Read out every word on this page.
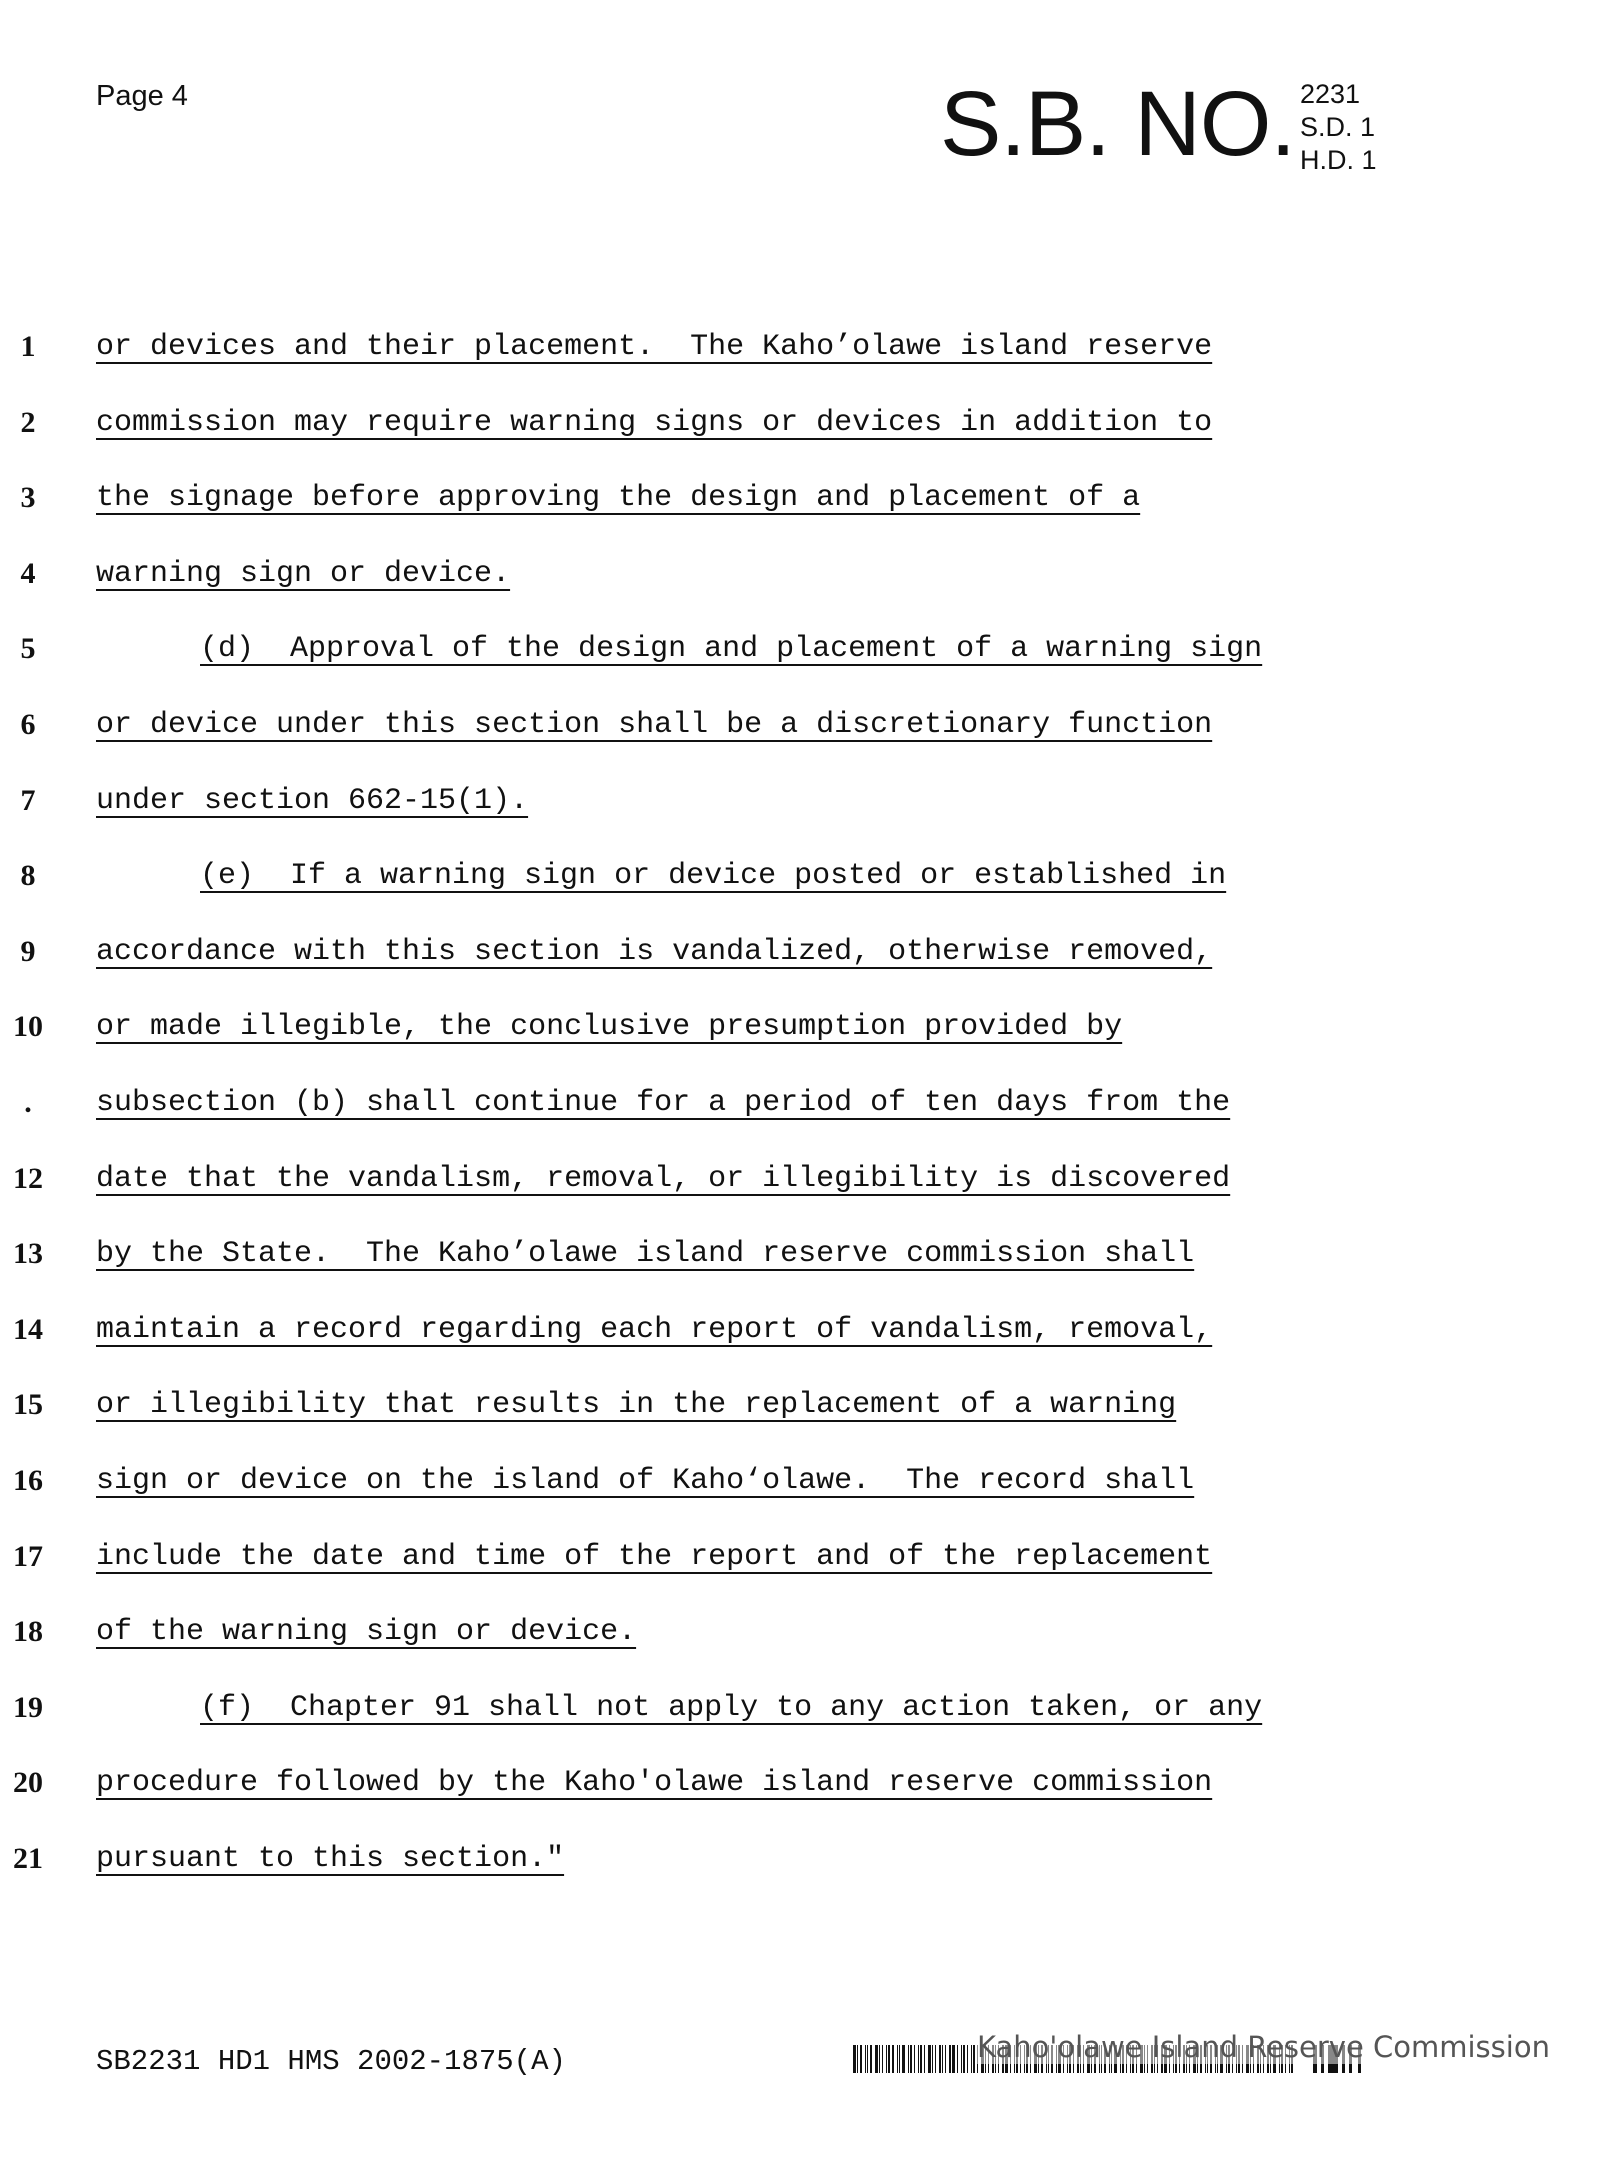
Page 4	S.B. NO. 2231
S.D. 1
H.D. 1
1	or devices and their placement.  The Kaho’olawe island reserve
2	commission may require warning signs or devices in addition to
3	the signage before approving the design and placement of a
4	warning sign or device.
5	(d)  Approval of the design and placement of a warning sign
6	or device under this section shall be a discretionary function
7	under section 662-15(1).
8	(e)  If a warning sign or device posted or established in
9	accordance with this section is vandalized, otherwise removed,
10	or made illegible, the conclusive presumption provided by
.	subsection (b) shall continue for a period of ten days from the
12	date that the vandalism, removal, or illegibility is discovered
13	by the State.  The Kaho’olawe island reserve commission shall
14	maintain a record regarding each report of vandalism, removal,
15	or illegibility that results in the replacement of a warning
16	sign or device on the island of Kaho‘olawe.  The record shall
17	include the date and time of the report and of the replacement
18	of the warning sign or device.
19	(f)  Chapter 91 shall not apply to any action taken, or any
20	procedure followed by the Kaho'olawe island reserve commission
21	pursuant to this section."
SB2231 HD1 HMS 2002-1875(A)	Kaho'olawe Island Reserve Commission
